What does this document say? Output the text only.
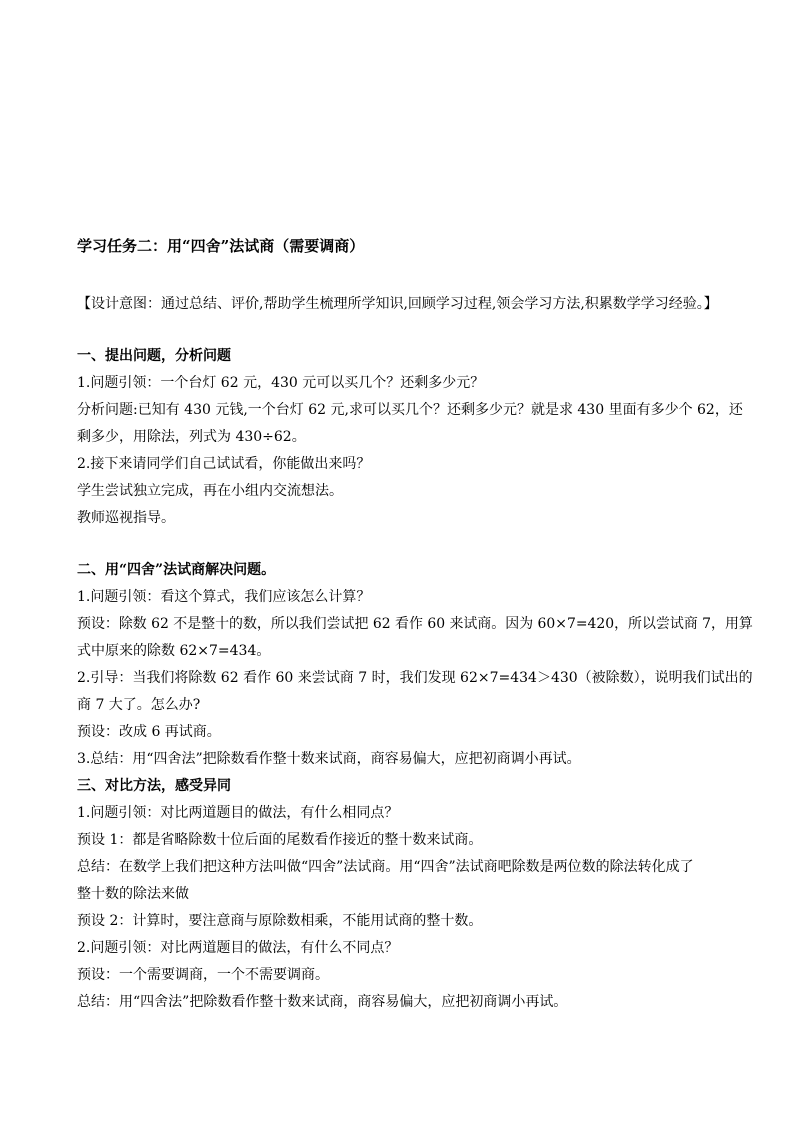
学习任务二：用“四舍”法试商（需要调商）
【设计意图：通过总结、评价,帮助学生梳理所学知识,回顾学习过程,领会学习方法,积累数学学习经验。】
一、提出问题，分析问题
1.问题引领：一个台灯 62 元，430 元可以买几个？还剩多少元？
分析问题:已知有 430 元钱,一个台灯 62 元,求可以买几个？还剩多少元？就是求 430 里面有多少个 62，还
剩多少，用除法，列式为 430÷62。
2.接下来请同学们自己试试看，你能做出来吗？
学生尝试独立完成，再在小组内交流想法。
教师巡视指导。
二、用“四舍”法试商解决问题。
1.问题引领：看这个算式，我们应该怎么计算？
预设：除数 62 不是整十的数，所以我们尝试把 62 看作 60 来试商。因为 60×7=420，所以尝试商 7，用算
式中原来的除数 62×7=434。
2.引导：当我们将除数 62 看作 60 来尝试商 7 时，我们发现 62×7=434＞430（被除数），说明我们试出的
商 7 大了。怎么办?
预设：改成 6 再试商。
3.总结：用“四舍法”把除数看作整十数来试商，商容易偏大，应把初商调小再试。
三、对比方法，感受异同
1.问题引领：对比两道题目的做法，有什么相同点？
预设 1：都是省略除数十位后面的尾数看作接近的整十数来试商。
总结：在数学上我们把这种方法叫做“四舍”法试商。用“四舍”法试商吧除数是两位数的除法转化成了
整十数的除法来做
预设 2：计算时，要注意商与原除数相乘，不能用试商的整十数。
2.问题引领：对比两道题目的做法，有什么不同点？
预设：一个需要调商，一个不需要调商。
总结：用“四舍法”把除数看作整十数来试商，商容易偏大，应把初商调小再试。
